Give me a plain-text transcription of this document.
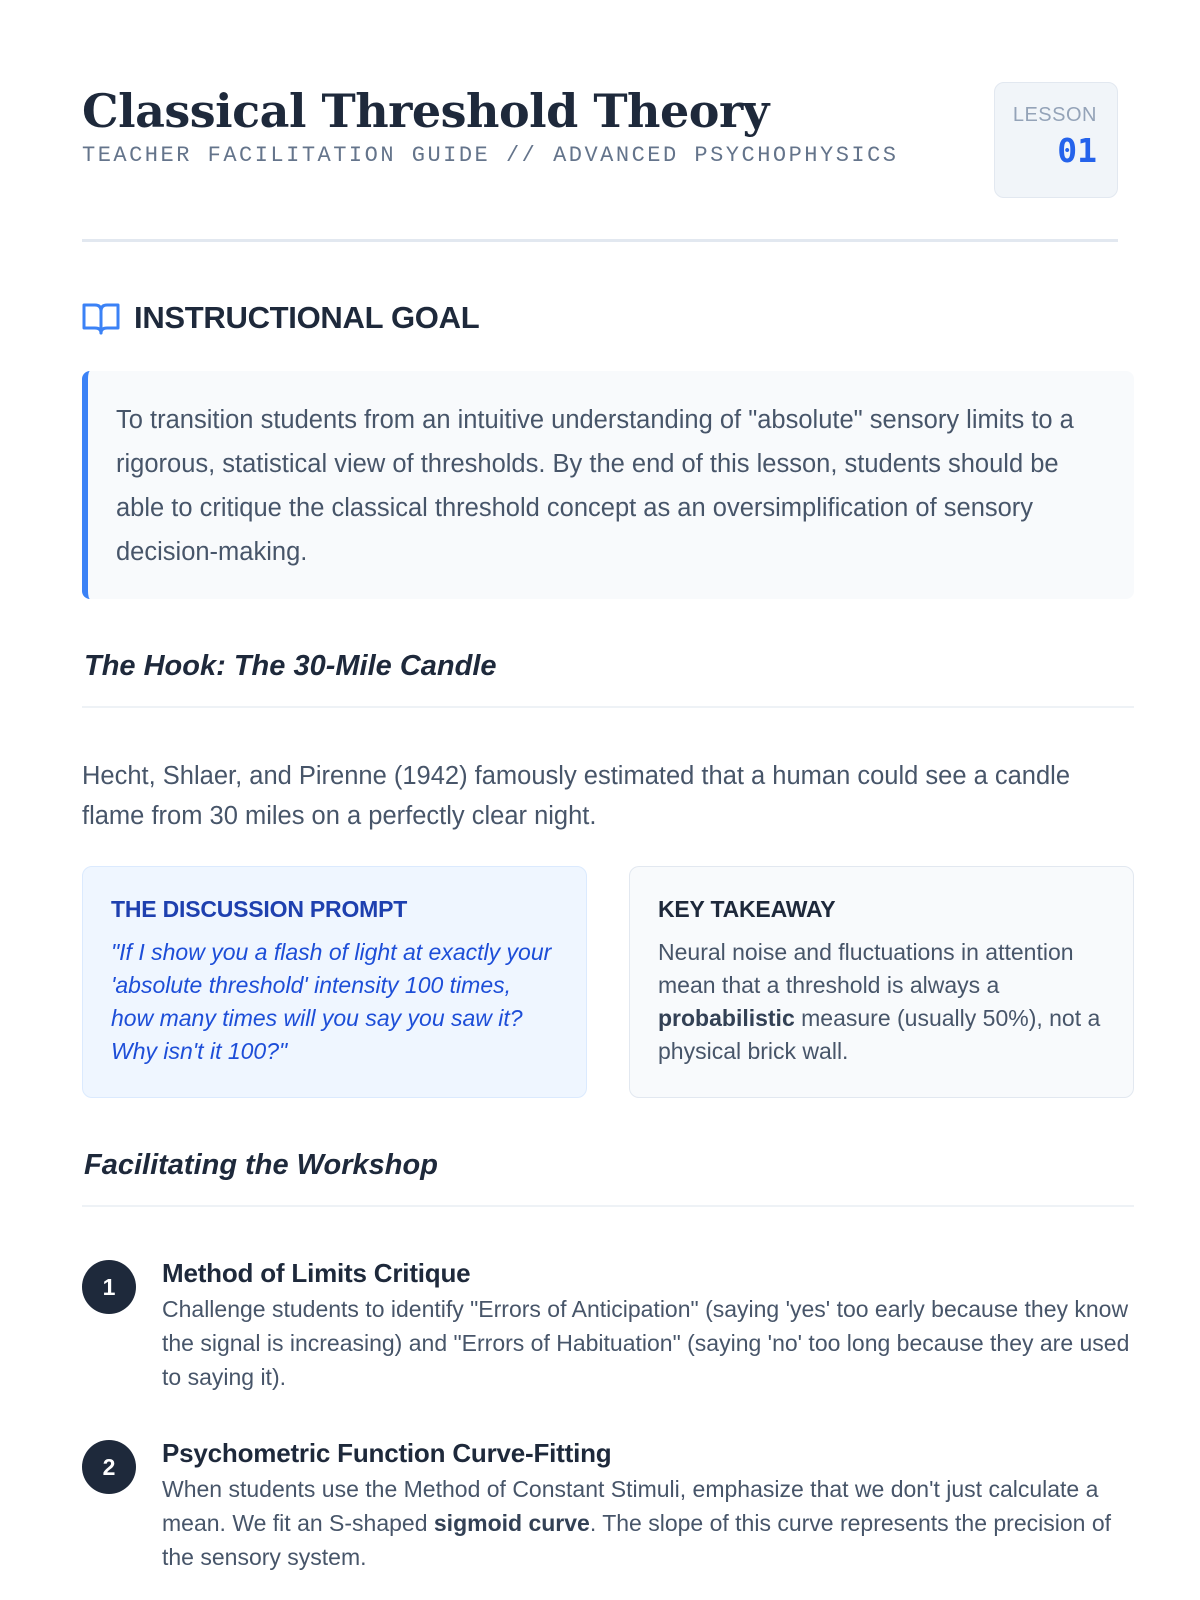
Classical Threshold Theory
TEACHER FACILITATION GUIDE // ADVANCED PSYCHOPHYSICS
LESSON
01
INSTRUCTIONAL GOAL

To transition students from an intuitive understanding of "absolute" sensory limits to a rigorous, statistical view of thresholds. By the end of this lesson, students should be able to critique the classical threshold concept as an oversimplification of sensory decision-making.

The Hook: The 30-Mile Candle

Hecht, Shlaer, and Pirenne (1942) famously estimated that a human could see a candle flame from 30 miles on a perfectly clear night.

THE DISCUSSION PROMPT

"If I show you a flash of light at exactly your 'absolute threshold' intensity 100 times, how many times will you say you saw it? Why isn't it 100?"

KEY TAKEAWAY

Neural noise and fluctuations in attention mean that a threshold is always a probabilistic measure (usually 50%), not a physical brick wall.

Facilitating the Workshop
1	Method of Limits Critique

Challenge students to identify "Errors of Anticipation" (saying 'yes' too early because they know the signal is increasing) and "Errors of Habituation" (saying 'no' too long because they are used to saying it).

2	Psychometric Function Curve-Fitting

When students use the Method of Constant Stimuli, emphasize that we don't just calculate a mean. We fit an S-shaped sigmoid curve. The slope of this curve represents the precision of the sensory system.
